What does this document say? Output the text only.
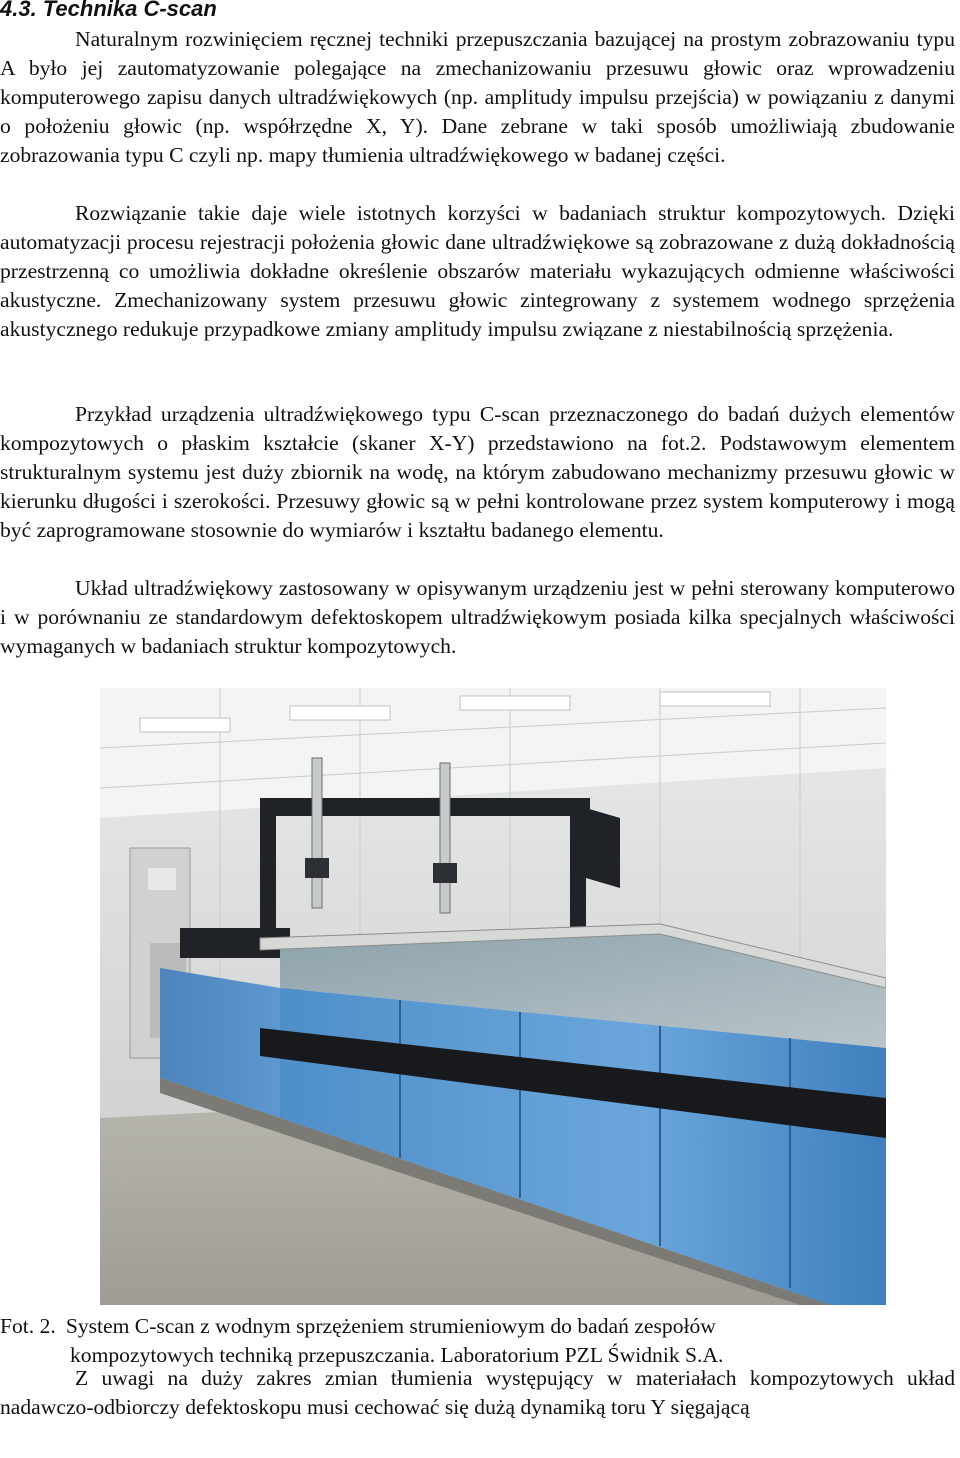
4.3. Technika C-scan

Naturalnym rozwinięciem ręcznej techniki przepuszczania bazującej na prostym zobrazowaniu typu A było jej zautomatyzowanie polegające na zmechanizowaniu przesuwu głowic oraz wprowadzeniu komputerowego zapisu danych ultradźwiękowych (np. amplitudy impulsu przejścia) w powiązaniu z danymi o położeniu głowic (np. współrzędne X, Y). Dane zebrane w taki sposób umożliwiają zbudowanie zobrazowania typu C czyli np. mapy tłumienia ultradźwiękowego w badanej części.

Rozwiązanie takie daje wiele istotnych korzyści w badaniach struktur kompozytowych. Dzięki automatyzacji procesu rejestracji położenia głowic dane ultradźwiękowe są zobrazowane z dużą dokładnością przestrzenną co umożliwia dokładne określenie obszarów materiału wykazujących odmienne właściwości akustyczne. Zmechanizowany system przesuwu głowic zintegrowany z systemem wodnego sprzężenia akustycznego redukuje przypadkowe zmiany amplitudy impulsu związane z niestabilnością sprzężenia.

Przykład urządzenia ultradźwiękowego typu C-scan przeznaczonego do badań dużych elementów kompozytowych o płaskim kształcie (skaner X-Y) przedstawiono na fot.2. Podstawowym elementem strukturalnym systemu jest duży zbiornik na wodę, na którym zabudowano mechanizmy przesuwu głowic w kierunku długości i szerokości. Przesuwy głowic są w pełni kontrolowane przez system komputerowy i mogą być zaprogramowane stosownie do wymiarów i kształtu badanego elementu.

Układ ultradźwiękowy zastosowany w opisywanym urządzeniu jest w pełni sterowany komputerowo i w porównaniu ze standardowym defektoskopem ultradźwiękowym posiada kilka specjalnych właściwości wymaganych w badaniach struktur kompozytowych.

Fot. 2. System C-scan z wodnym sprzężeniem strumieniowym do badań zespołów
kompozytowych techniką przepuszczania. Laboratorium PZL Świdnik S.A.

Z uwagi na duży zakres zmian tłumienia występujący w materiałach kompozytowych układ nadawczo-odbiorczy defektoskopu musi cechować się dużą dynamiką toru Y sięgającą
